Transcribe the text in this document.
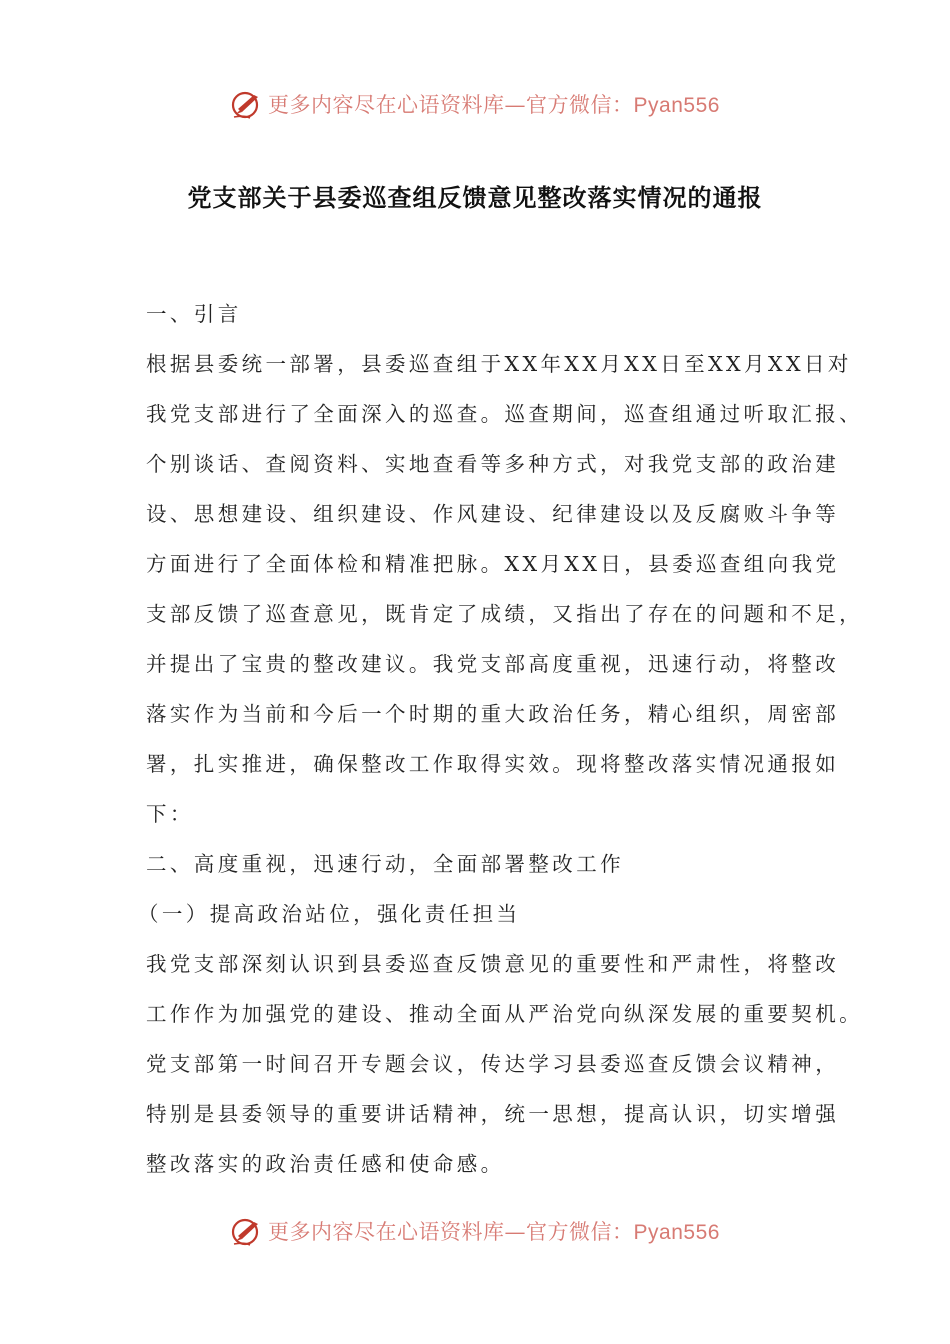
更多内容尽在心语资料库—官方微信：Pyan556
党支部关于县委巡查组反馈意见整改落实情况的通报
一、引言
根据县委统一部署，县委巡查组于XX年XX月XX日至XX月XX日对
我党支部进行了全面深入的巡查。巡查期间，巡查组通过听取汇报、
个别谈话、查阅资料、实地查看等多种方式，对我党支部的政治建
设、思想建设、组织建设、作风建设、纪律建设以及反腐败斗争等
方面进行了全面体检和精准把脉。XX月XX日，县委巡查组向我党
支部反馈了巡查意见，既肯定了成绩，又指出了存在的问题和不足，
并提出了宝贵的整改建议。我党支部高度重视，迅速行动，将整改
落实作为当前和今后一个时期的重大政治任务，精心组织，周密部
署，扎实推进，确保整改工作取得实效。现将整改落实情况通报如
下：
二、高度重视，迅速行动，全面部署整改工作
（一）提高政治站位，强化责任担当
我党支部深刻认识到县委巡查反馈意见的重要性和严肃性，将整改
工作作为加强党的建设、推动全面从严治党向纵深发展的重要契机。
党支部第一时间召开专题会议，传达学习县委巡查反馈会议精神，
特别是县委领导的重要讲话精神，统一思想，提高认识，切实增强
整改落实的政治责任感和使命感。
更多内容尽在心语资料库—官方微信：Pyan556
